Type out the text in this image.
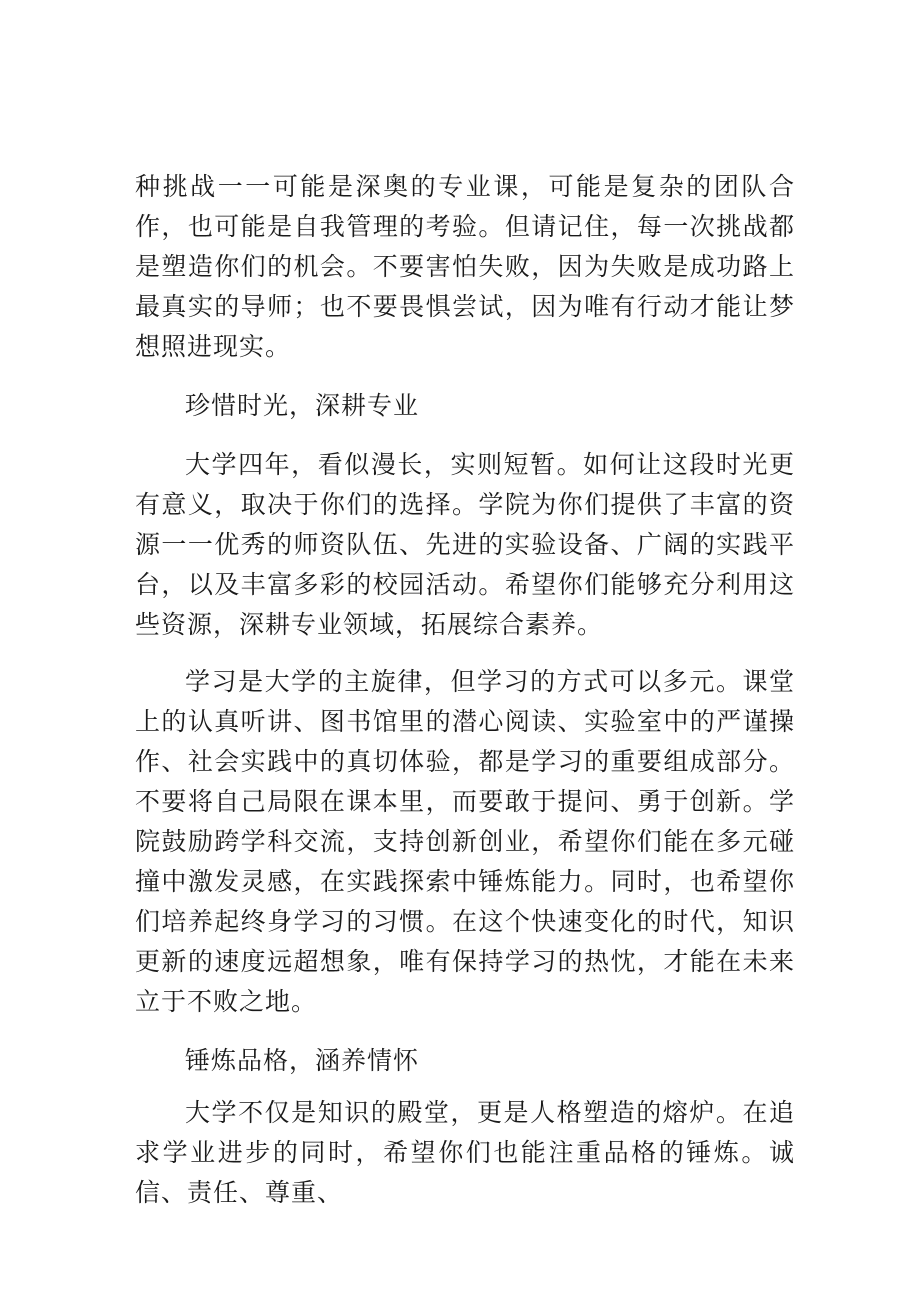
种挑战一一可能是深奥的专业课，可能是复杂的团队合作，也可能是自我管理的考验。但请记住，每一次挑战都是塑造你们的机会。不要害怕失败，因为失败是成功路上最真实的导师；也不要畏惧尝试，因为唯有行动才能让梦想照进现实。

珍惜时光，深耕专业

大学四年，看似漫长，实则短暂。如何让这段时光更有意义，取决于你们的选择。学院为你们提供了丰富的资源一一优秀的师资队伍、先进的实验设备、广阔的实践平台，以及丰富多彩的校园活动。希望你们能够充分利用这些资源，深耕专业领域，拓展综合素养。

学习是大学的主旋律，但学习的方式可以多元。课堂上的认真听讲、图书馆里的潜心阅读、实验室中的严谨操作、社会实践中的真切体验，都是学习的重要组成部分。不要将自己局限在课本里，而要敢于提问、勇于创新。学院鼓励跨学科交流，支持创新创业，希望你们能在多元碰撞中激发灵感，在实践探索中锤炼能力。同时，也希望你们培养起终身学习的习惯。在这个快速变化的时代，知识更新的速度远超想象，唯有保持学习的热忱，才能在未来立于不败之地。

锤炼品格，涵养情怀

大学不仅是知识的殿堂，更是人格塑造的熔炉。在追求学业进步的同时，希望你们也能注重品格的锤炼。诚信、责任、尊重、
